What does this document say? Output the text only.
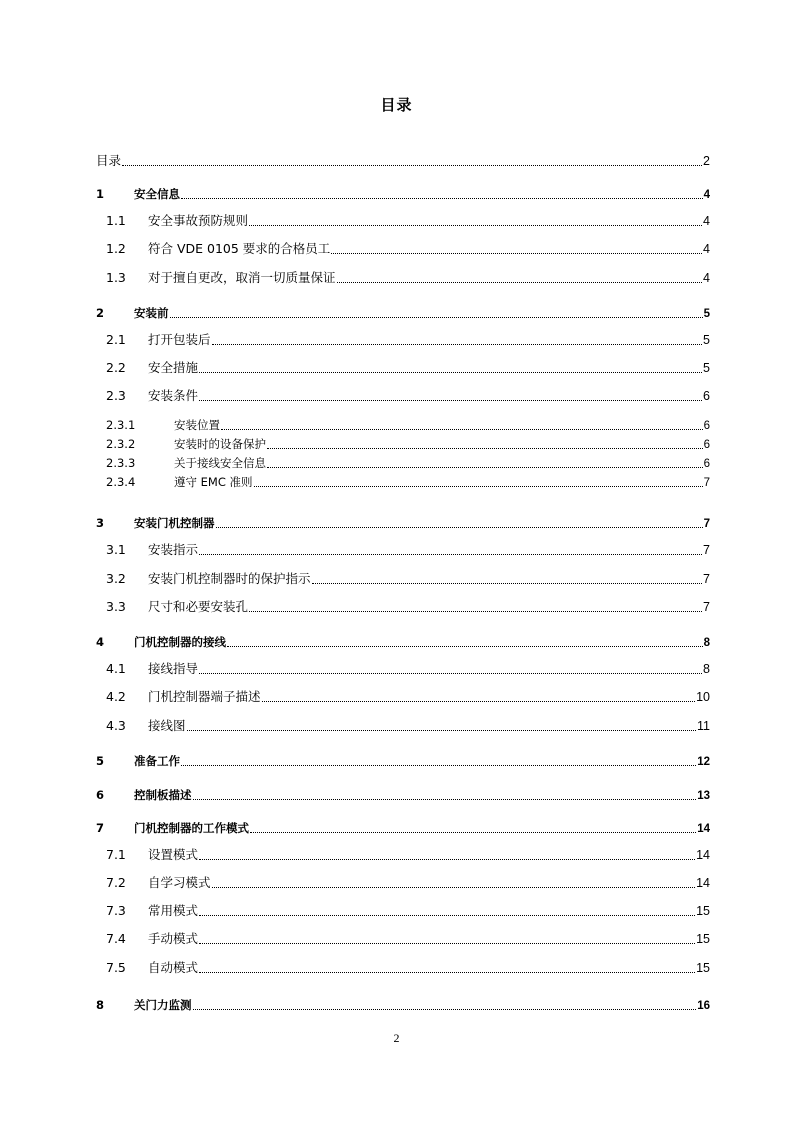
目录
目录	2
1	安全信息	4
1.1	安全事故预防规则	4
1.2	符合 VDE 0105 要求的合格员工	4
1.3	对于擅自更改，取消一切质量保证	4
2	安装前	5
2.1	打开包装后	5
2.2	安全措施	5
2.3	安装条件	6
2.3.1	安装位置	6
2.3.2	安装时的设备保护	6
2.3.3	关于接线安全信息	6
2.3.4	遵守 EMC 准则	7
3	安装门机控制器	7
3.1	安装指示	7
3.2	安装门机控制器时的保护指示	7
3.3	尺寸和必要安装孔	7
4	门机控制器的接线	8
4.1	接线指导	8
4.2	门机控制器端子描述	10
4.3	接线图	11
5	准备工作	12
6	控制板描述	13
7	门机控制器的工作模式	14
7.1	设置模式	14
7.2	自学习模式	14
7.3	常用模式	15
7.4	手动模式	15
7.5	自动模式	15
8	关门力监测	16
2
